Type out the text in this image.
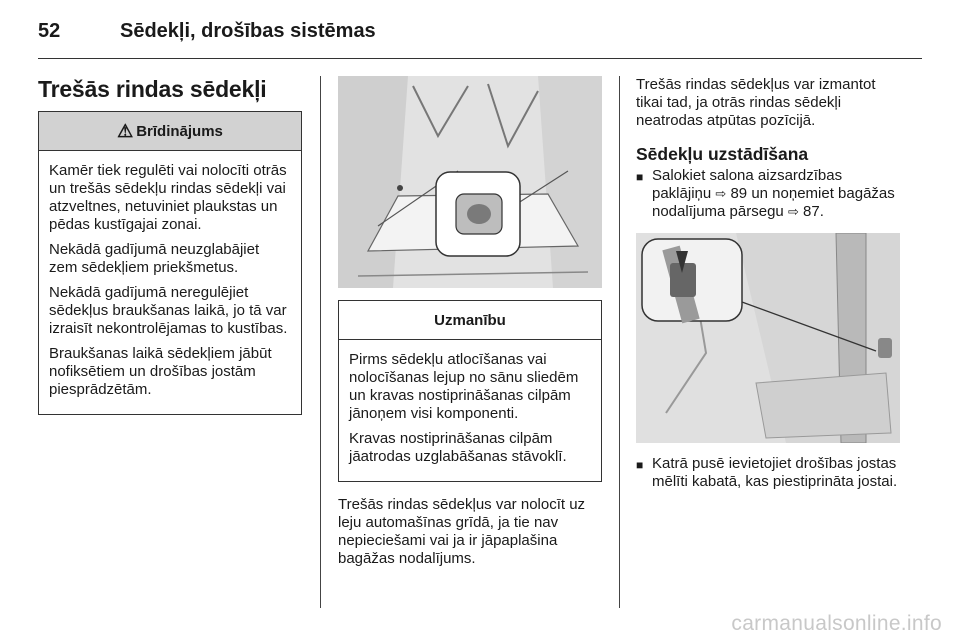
52	Sēdekļi, drošības sistēmas
Trešās rindas sēdekļi
⚠ Brīdinājums

Kamēr tiek regulēti vai nolocīti otrās un trešās sēdekļu rindas sēdekļi vai atzveltnes, netuviniet plaukstas un pēdas kustīgajai zonai.

Nekādā gadījumā neuzglabājiet zem sēdekļiem priekšmetus.

Nekādā gadījumā neregulējiet sēdekļus braukšanas laikā, jo tā var izraisīt nekontrolējamas to kustības.

Braukšanas laikā sēdekļiem jābūt nofiksētiem un drošības jostām piesprādzētām.

Uzmanību

Pirms sēdekļu atlocīšanas vai nolocīšanas lejup no sānu sliedēm un kravas nostiprināšanas cilpām jānoņem visi komponenti.

Kravas nostiprināšanas cilpām jāatrodas uzglabāšanas stāvoklī.

Trešās rindas sēdekļus var nolocīt uz leju automašīnas grīdā, ja tie nav nepieciešami vai ja ir jāpaplašina bagāžas nodalījums.

Trešās rindas sēdekļus var izmantot tikai tad, ja otrās rindas sēdekļi neatrodas atpūtas pozīcijā.

Sēdekļu uzstādīšana
■ Salokiet salona aizsardzības paklājiņu ⇨ 89 un noņemiet bagāžas nodalījuma pārsegu ⇨ 87.
■ Katrā pusē ievietojiet drošības jostas mēlīti kabatā, kas piestiprināta jostai.
carmanualsonline.info
